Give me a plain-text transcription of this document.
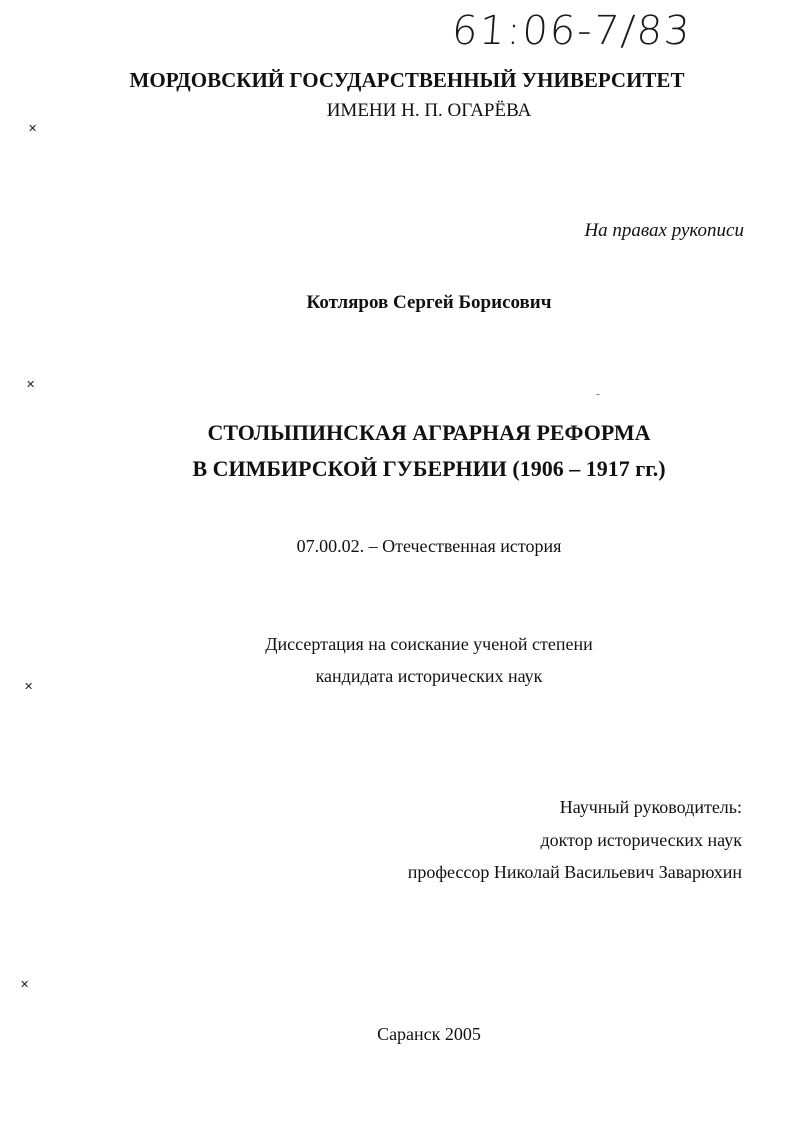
61:06-7/83
МОРДОВСКИЙ ГОСУДАРСТВЕННЫЙ УНИВЕРСИТЕТ
ИМЕНИ Н. П. ОГАРЁВА
На правах рукописи
Котляров Сергей Борисович
СТОЛЫПИНСКАЯ АГРАРНАЯ РЕФОРМА
В СИМБИРСКОЙ ГУБЕРНИИ (1906 – 1917 гг.)
07.00.02. – Отечественная история
Диссертация на соискание ученой степени
кандидата исторических наук
Научный руководитель:
доктор исторических наук
профессор Николай Васильевич Заварюхин
Саранск 2005
✕
✕
✕
✕
–
